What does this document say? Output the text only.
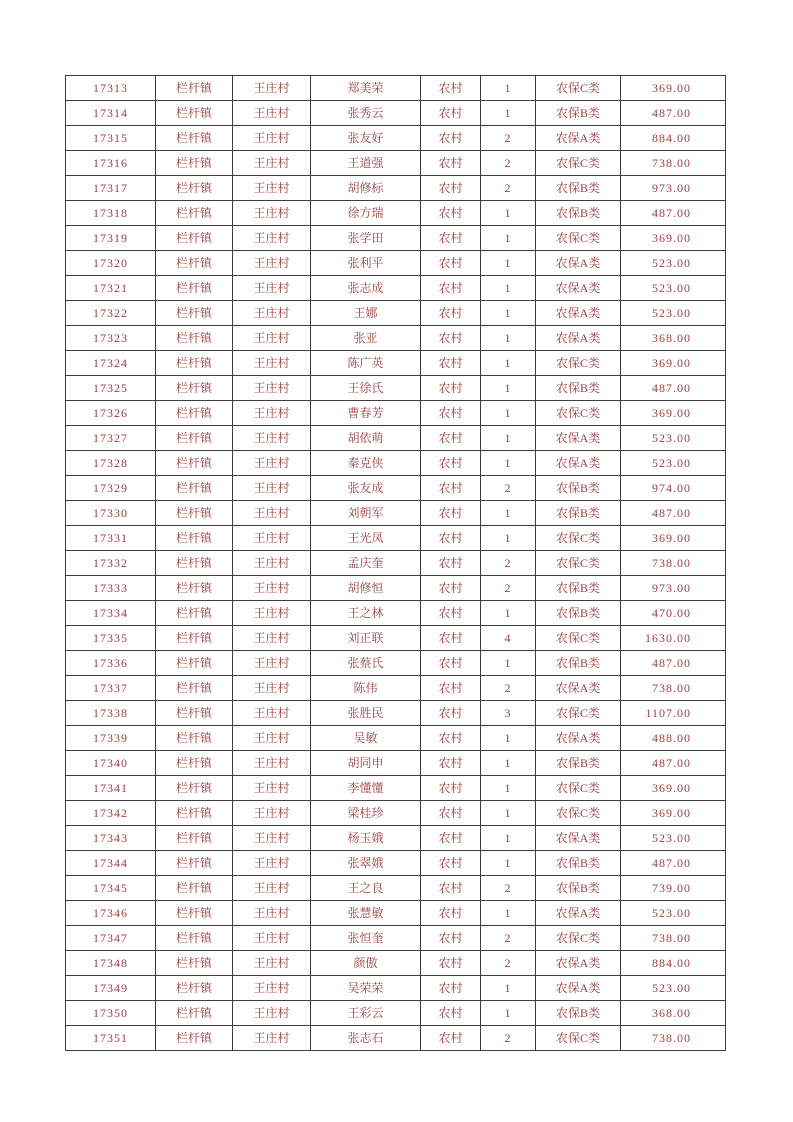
17313	栏杆镇	王庄村	郑美荣	农村	1	农保C类	369.00
17314	栏杆镇	王庄村	张秀云	农村	1	农保B类	487.00
17315	栏杆镇	王庄村	张友好	农村	2	农保A类	884.00
17316	栏杆镇	王庄村	王道强	农村	2	农保C类	738.00
17317	栏杆镇	王庄村	胡修标	农村	2	农保B类	973.00
17318	栏杆镇	王庄村	徐方瑞	农村	1	农保B类	487.00
17319	栏杆镇	王庄村	张学田	农村	1	农保C类	369.00
17320	栏杆镇	王庄村	张利平	农村	1	农保A类	523.00
17321	栏杆镇	王庄村	张志成	农村	1	农保A类	523.00
17322	栏杆镇	王庄村	王娜	农村	1	农保A类	523.00
17323	栏杆镇	王庄村	张亚	农村	1	农保A类	368.00
17324	栏杆镇	王庄村	陈广英	农村	1	农保C类	369.00
17325	栏杆镇	王庄村	王徐氏	农村	1	农保B类	487.00
17326	栏杆镇	王庄村	曹春芳	农村	1	农保C类	369.00
17327	栏杆镇	王庄村	胡依萌	农村	1	农保A类	523.00
17328	栏杆镇	王庄村	秦克侠	农村	1	农保A类	523.00
17329	栏杆镇	王庄村	张友成	农村	2	农保B类	974.00
17330	栏杆镇	王庄村	刘朝军	农村	1	农保B类	487.00
17331	栏杆镇	王庄村	王光凤	农村	1	农保C类	369.00
17332	栏杆镇	王庄村	孟庆奎	农村	2	农保C类	738.00
17333	栏杆镇	王庄村	胡修恒	农村	2	农保B类	973.00
17334	栏杆镇	王庄村	王之林	农村	1	农保B类	470.00
17335	栏杆镇	王庄村	刘正联	农村	4	农保C类	1630.00
17336	栏杆镇	王庄村	张蔡氏	农村	1	农保B类	487.00
17337	栏杆镇	王庄村	陈伟	农村	2	农保A类	738.00
17338	栏杆镇	王庄村	张胜民	农村	3	农保C类	1107.00
17339	栏杆镇	王庄村	吴敏	农村	1	农保A类	488.00
17340	栏杆镇	王庄村	胡同申	农村	1	农保B类	487.00
17341	栏杆镇	王庄村	李懂懂	农村	1	农保C类	369.00
17342	栏杆镇	王庄村	梁桂珍	农村	1	农保C类	369.00
17343	栏杆镇	王庄村	杨玉娥	农村	1	农保A类	523.00
17344	栏杆镇	王庄村	张翠娥	农村	1	农保B类	487.00
17345	栏杆镇	王庄村	王之良	农村	2	农保B类	739.00
17346	栏杆镇	王庄村	张慧敏	农村	1	农保A类	523.00
17347	栏杆镇	王庄村	张恒奎	农村	2	农保C类	738.00
17348	栏杆镇	王庄村	颜傲	农村	2	农保A类	884.00
17349	栏杆镇	王庄村	吴荣荣	农村	1	农保A类	523.00
17350	栏杆镇	王庄村	王彩云	农村	1	农保B类	368.00
17351	栏杆镇	王庄村	张志石	农村	2	农保C类	738.00
